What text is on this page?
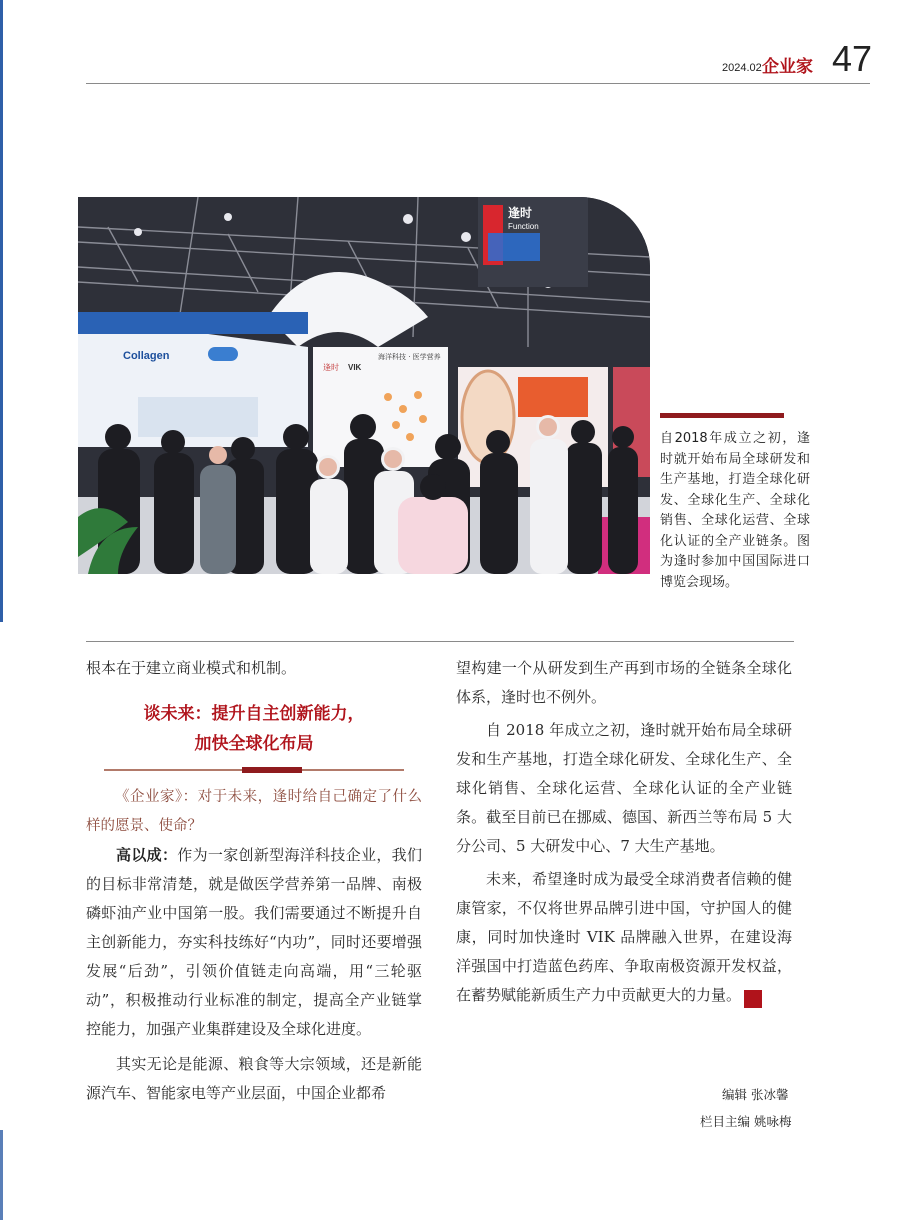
2024.02 企业家 47
Collagen
逢时 VIK
海洋科技 · 医学营养
逢时
Function
自2018年成立之初，逢时就开始布局全球研发和生产基地，打造全球化研发、全球化生产、全球化销售、全球化运营、全球化认证的全产业链条。图为逢时参加中国国际进口博览会现场。

根本在于建立商业模式和机制。

谈未来：提升自主创新能力，
加快全球化布局

《企业家》：对于未来，逢时给自己确定了什么样的愿景、使命？

高以成：作为一家创新型海洋科技企业，我们的目标非常清楚，就是做医学营养第一品牌、南极磷虾油产业中国第一股。我们需要通过不断提升自主创新能力，夯实科技练好“内功”，同时还要增强发展“后劲”，引领价值链走向高端，用“三轮驱动”，积极推动行业标准的制定，提高全产业链掌控能力，加强产业集群建设及全球化进度。

其实无论是能源、粮食等大宗领域，还是新能源汽车、智能家电等产业层面，中国企业都希

望构建一个从研发到生产再到市场的全链条全球化体系，逢时也不例外。

自 2018 年成立之初，逢时就开始布局全球研发和生产基地，打造全球化研发、全球化生产、全球化销售、全球化运营、全球化认证的全产业链条。截至目前已在挪威、德国、新西兰等布局 5 大分公司、5 大研发中心、7 大生产基地。

未来，希望逢时成为最受全球消费者信赖的健康管家，不仅将世界品牌引进中国，守护国人的健康，同时加快逢时 VIK 品牌融入世界，在建设海洋强国中打造蓝色药库、争取南极资源开发权益，在蓄势赋能新质生产力中贡献更大的力量。	企

编辑 张冰馨
栏目主编 姚咏梅
